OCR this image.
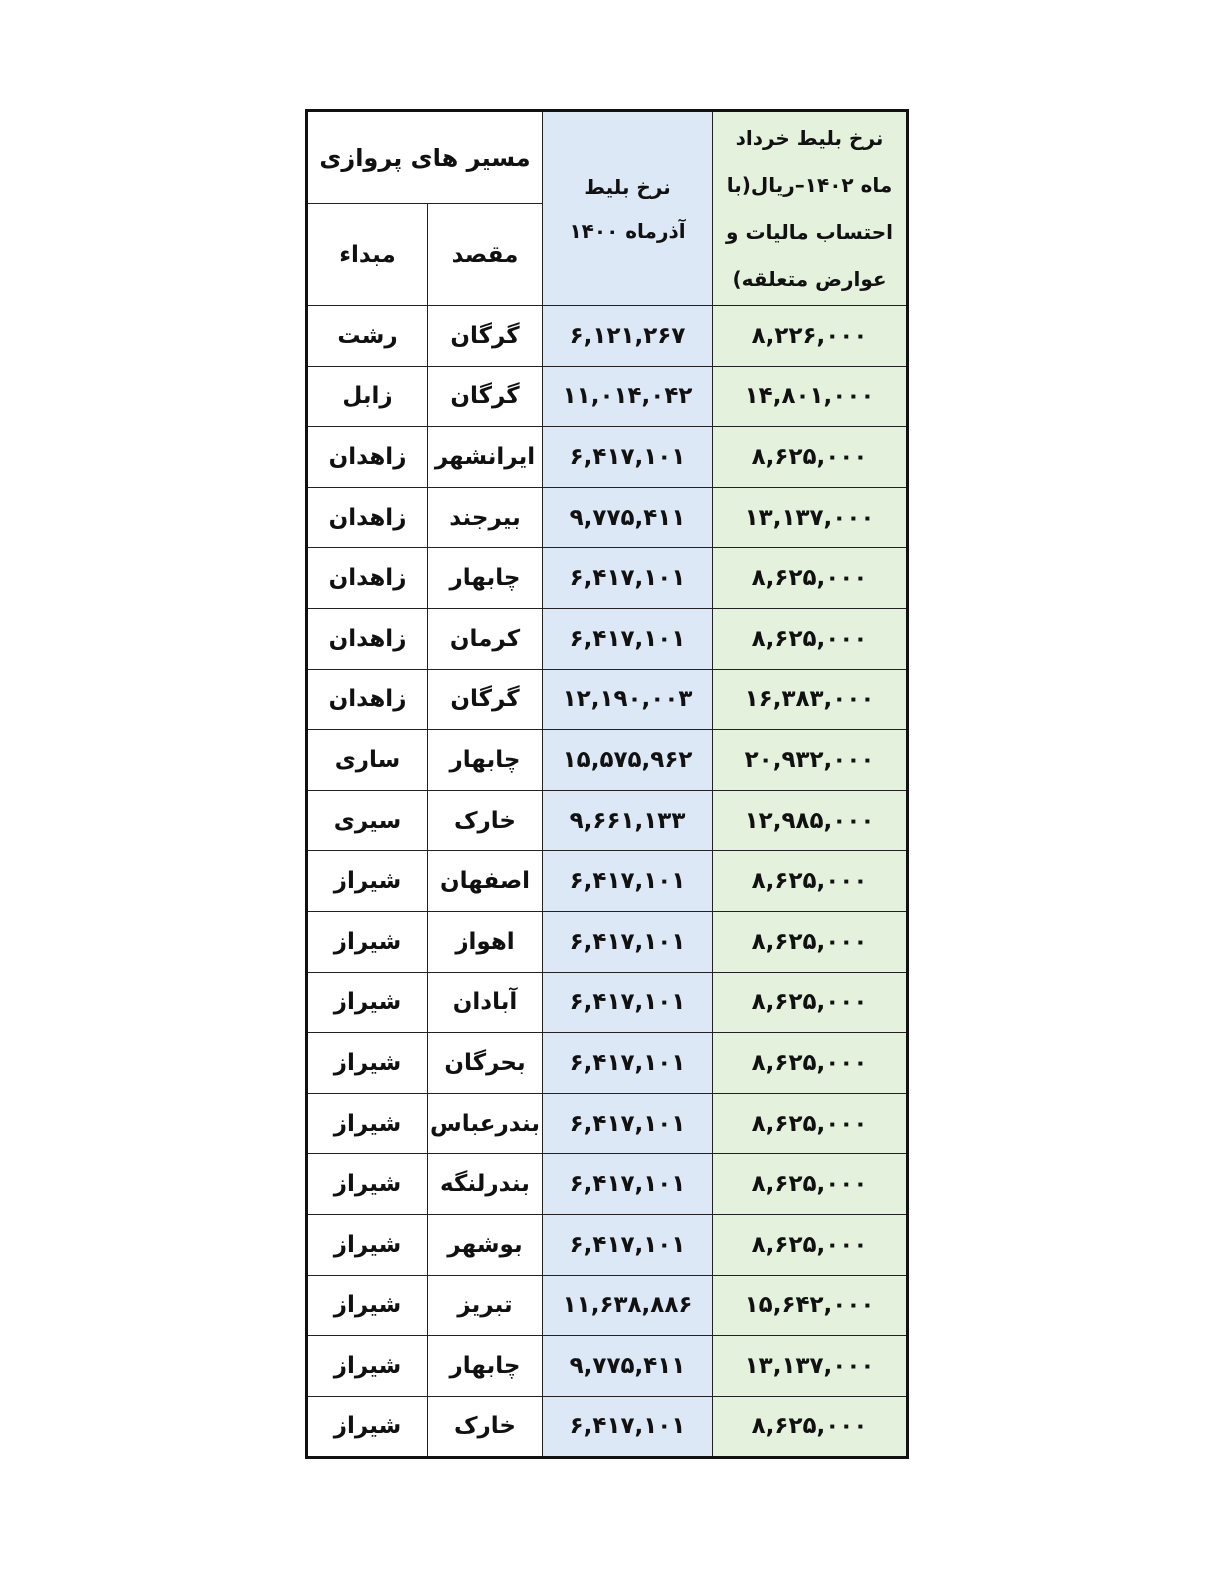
مسیر های پروازی		نرخ بلیط آذرماه ۱۴۰۰	نرخ بلیط خرداد ماه ۱۴۰۲–ریال(با احتساب مالیات و عوارض متعلقه)
مبداء	مقصد		
رشت	گرگان	۶,۱۲۱,۲۶۷	۸,۲۲۶,۰۰۰
زابل	گرگان	۱۱,۰۱۴,۰۴۲	۱۴,۸۰۱,۰۰۰
زاهدان	ایرانشهر	۶,۴۱۷,۱۰۱	۸,۶۲۵,۰۰۰
زاهدان	بیرجند	۹,۷۷۵,۴۱۱	۱۳,۱۳۷,۰۰۰
زاهدان	چابهار	۶,۴۱۷,۱۰۱	۸,۶۲۵,۰۰۰
زاهدان	کرمان	۶,۴۱۷,۱۰۱	۸,۶۲۵,۰۰۰
زاهدان	گرگان	۱۲,۱۹۰,۰۰۳	۱۶,۳۸۳,۰۰۰
ساری	چابهار	۱۵,۵۷۵,۹۶۲	۲۰,۹۳۲,۰۰۰
سیری	خارک	۹,۶۶۱,۱۳۳	۱۲,۹۸۵,۰۰۰
شیراز	اصفهان	۶,۴۱۷,۱۰۱	۸,۶۲۵,۰۰۰
شیراز	اهواز	۶,۴۱۷,۱۰۱	۸,۶۲۵,۰۰۰
شیراز	آبادان	۶,۴۱۷,۱۰۱	۸,۶۲۵,۰۰۰
شیراز	بحرگان	۶,۴۱۷,۱۰۱	۸,۶۲۵,۰۰۰
شیراز	بندرعباس	۶,۴۱۷,۱۰۱	۸,۶۲۵,۰۰۰
شیراز	بندرلنگه	۶,۴۱۷,۱۰۱	۸,۶۲۵,۰۰۰
شیراز	بوشهر	۶,۴۱۷,۱۰۱	۸,۶۲۵,۰۰۰
شیراز	تبریز	۱۱,۶۳۸,۸۸۶	۱۵,۶۴۲,۰۰۰
شیراز	چابهار	۹,۷۷۵,۴۱۱	۱۳,۱۳۷,۰۰۰
شیراز	خارک	۶,۴۱۷,۱۰۱	۸,۶۲۵,۰۰۰
